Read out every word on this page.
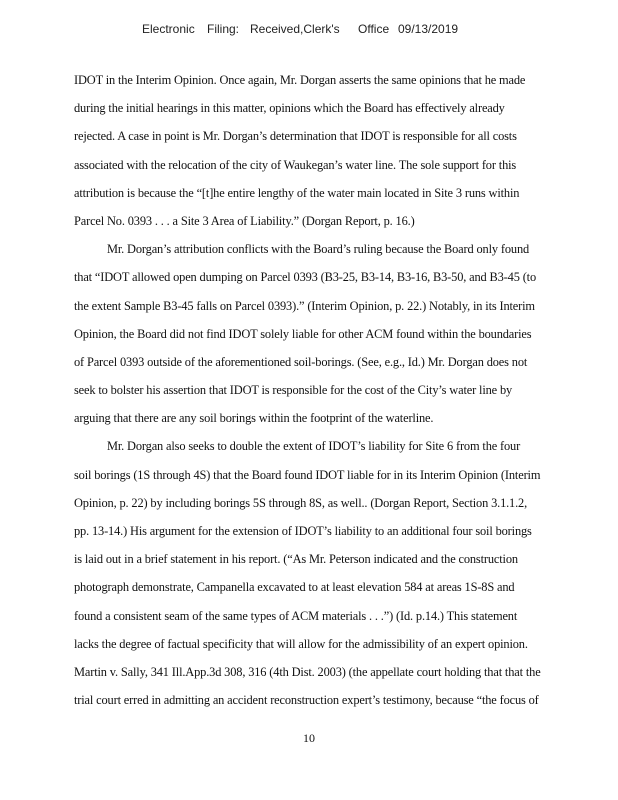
Electronic Filing: Received,Clerk's Office 09/13/2019
IDOT in the Interim Opinion. Once again, Mr. Dorgan asserts the same opinions that he made
during the initial hearings in this matter, opinions which the Board has effectively already
rejected. A case in point is Mr. Dorgan’s determination that IDOT is responsible for all costs
associated with the relocation of the city of Waukegan’s water line. The sole support for this
attribution is because the “[t]he entire lengthy of the water main located in Site 3 runs within
Parcel No. 0393 . . . a Site 3 Area of Liability.” (Dorgan Report, p. 16.)
Mr. Dorgan’s attribution conflicts with the Board’s ruling because the Board only found
that “IDOT allowed open dumping on Parcel 0393 (B3-25, B3-14, B3-16, B3-50, and B3-45 (to
the extent Sample B3-45 falls on Parcel 0393).” (Interim Opinion, p. 22.) Notably, in its Interim
Opinion, the Board did not find IDOT solely liable for other ACM found within the boundaries
of Parcel 0393 outside of the aforementioned soil-borings. (See, e.g., Id.) Mr. Dorgan does not
seek to bolster his assertion that IDOT is responsible for the cost of the City’s water line by
arguing that there are any soil borings within the footprint of the waterline.
Mr. Dorgan also seeks to double the extent of IDOT’s liability for Site 6 from the four
soil borings (1S through 4S) that the Board found IDOT liable for in its Interim Opinion (Interim
Opinion, p. 22) by including borings 5S through 8S, as well.. (Dorgan Report, Section 3.1.1.2,
pp. 13-14.) His argument for the extension of IDOT’s liability to an additional four soil borings
is laid out in a brief statement in his report. (“As Mr. Peterson indicated and the construction
photograph demonstrate, Campanella excavated to at least elevation 584 at areas 1S-8S and
found a consistent seam of the same types of ACM materials . . .”) (Id. p.14.) This statement
lacks the degree of factual specificity that will allow for the admissibility of an expert opinion.
Martin v. Sally, 341 Ill.App.3d 308, 316 (4th Dist. 2003) (the appellate court holding that that the
trial court erred in admitting an accident reconstruction expert’s testimony, because “the focus of
10
